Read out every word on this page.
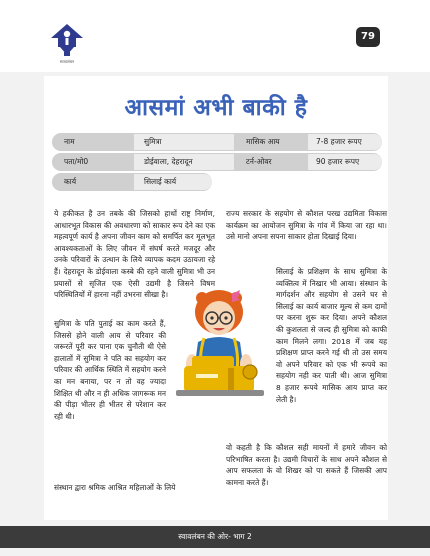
स्वावलंबन
79
आसमां अभी बाकी है
नाम	सुमित्रा	मासिक आय	7-8 हजार रूपए
पता/मो0	डोईवाला, देहरादून	टर्न-ओवर	90 हजार रूपए
कार्य	सिलाई कार्य

ये हकीकत है उन तबके की जिसको हाथों राष्ट्र निर्माण, आधारभूत विकास की अवधारणा को साकार रूप देने का एक महत्वपूर्ण कार्य है अपना जीवन काम को समर्पित कर मूलभूत आवश्यकताओं के लिए जीवन में संघर्ष करते मजदूर और उनके परिवारों के उत्थान के लिये व्यापक कदम उठायजा रहे हैं। देहरादून के डोईवाला कस्बे की रहने वाली सुमित्रा भी उन प्रयासों से सृजित एक ऐसी उद्यमी है जिसने विषम परिस्थितियों में हारना नहीं उभरना सीखा है।

राज्य सरकार के सहयोग से कौशल परख उद्यमिता विकास कार्यक्रम का आयोजन सुमित्रा के गांव में किया जा रहा था। उसे मानो अपना सपना साकार होता दिखाई दिया।

सुमित्रा के पति पुताई का काम करते हैं, जिससे होने वाली आय से परिवार की जरूरतें पूरी कर पाना एक चुनौती थी ऐसे हालातों में सुमित्रा ने पति का सहयोग कर परिवार की आर्थिक स्थिति में सहयोग करने का मन बनाया, पर न तो वह ज्यादा शिक्षित थी और न ही अधिक जागरूक मन की पीड़ा भीतर ही भीतर से परेशान कर रही थी।

संस्थान द्वारा श्रमिक आश्रित महिलाओं के लिये

सिलाई के प्रशिक्षण के साथ सुमित्रा के व्यक्तित्व में निखार भी आया। संस्थान के मार्गदर्शन और सहयोग से उसने घर से सिलाई का कार्य बाजार मूल्य से कम दामों पर करना शुरू कर दिया। अपने कौशल की कुशलता से जल्द ही सुमित्रा को काफी काम मिलने लगा। 2018 में जब यह प्रशिक्षण प्राप्त करने गई थी तो उस समय वो अपने परिवार को एक भी रूपये का सहयोग नही कर पाती थी। आज सुमित्रा 8 हजार रूपये मासिक आय प्राप्त कर लेती है।

वो कहती है कि कौशल सही मायनों में हमारे जीवन को परिभाषित करता है। उद्यमी विचारों के साथ अपने कौशल से आप सफलता के वो शिखर को पा सकते हैं जिसकी आप कामना करते हैं।

स्वावलंबन की ओर- भाग 2
